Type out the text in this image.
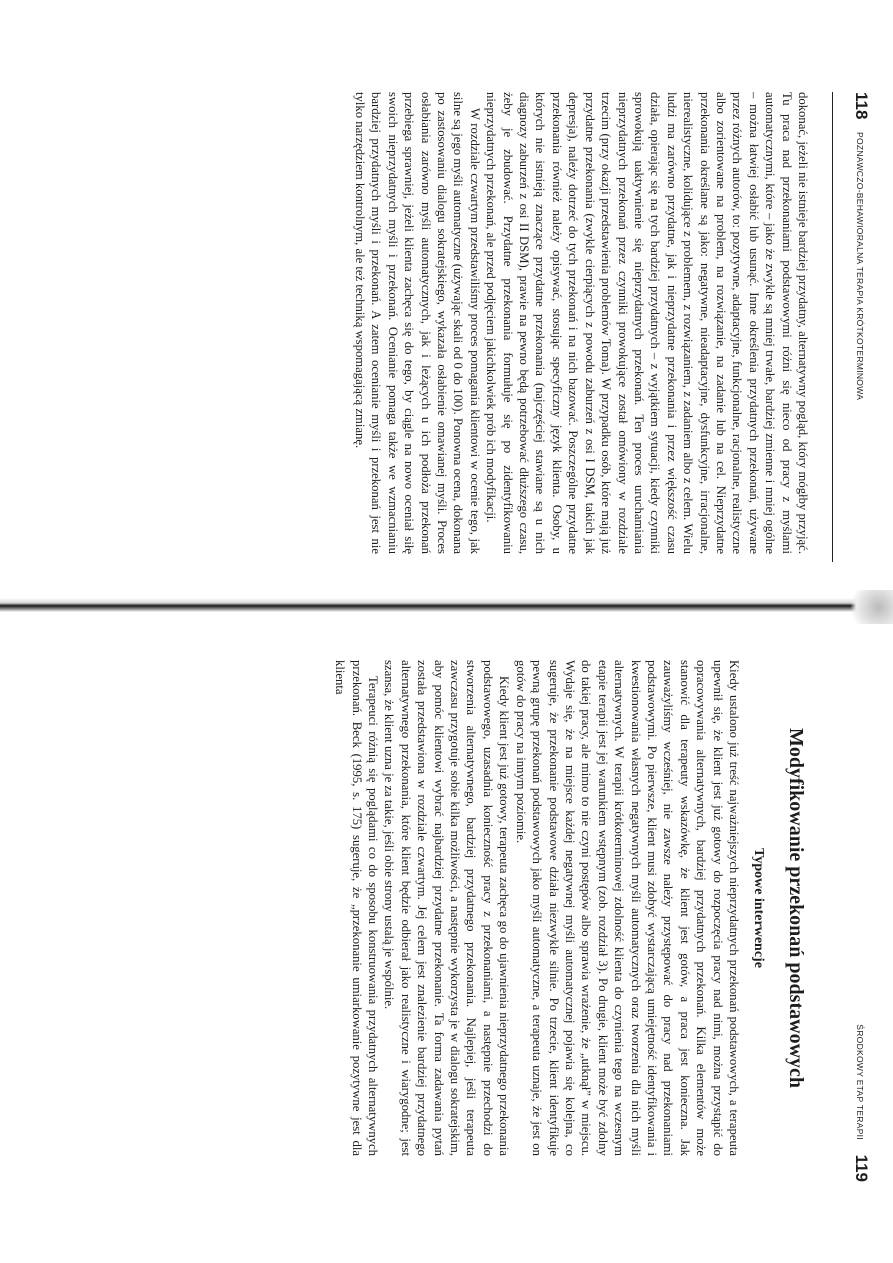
118
POZNAWCZO-BEHAWIORALNA TERAPIA KRÓTKOTERMINOWA

dokonać, jeżeli nie istnieje bardziej przydatny, alternatywny pogląd, który mógłby przyjąć. Tu praca nad przekonaniami podstawowymi różni się nieco od pracy z myślami automatycznymi, które – jako że zwykle są mniej trwałe, bardziej zmienne i mniej ogólne – można łatwiej osłabić lub usunąć. Inne określenia przydatnych przekonań, używane przez różnych autorów, to: pozytywne, adaptacyjne, funkcjonalne, racjonalne, realistyczne albo zorientowane na problem, na rozwiązanie, na zadanie lub na cel. Nieprzydatne przekonania określane są jako: negatywne, nieadaptacyjne, dysfunkcyjne, irracjonalne, nierealistyczne, kolidujące z problemem, z rozwiązaniem, z zadaniem albo z celem. Wielu ludzi ma zarówno przydatne, jak i nieprzydatne przekonania i przez większość czasu działa, opierając się na tych bardziej przydatnych – z wyjątkiem sytuacji, kiedy czynniki sprowokują uaktywnienie się nieprzydatnych przekonań. Ten proces uruchamiania nieprzydatnych przekonań przez czynniki prowokujące został omówiony w rozdziale trzecim (przy okazji przedstawienia problemów Toma). W przypadku osób, które mają już przydatne przekonania (zwykle cierpiących z powodu zaburzeń z osi I DSM, takich jak depresja), należy dotrzeć do tych przekonań i na nich bazować. Poszczególne przydatne przekonania również należy opisywać, stosując specyficzny język klienta. Osoby, u których nie istnieją znaczące przydatne przekonania (najczęściej stawiane są u nich diagnozy zaburzeń z osi II DSM), prawie na pewno będą potrzebować dłuższego czasu, żeby je zbudować. Przydatne przekonania formułuje się po zidentyfikowaniu nieprzydatnych przekonań, ale przed podjęciem jakichkolwiek prób ich modyfikacji.

W rozdziale czwartym przedstawiliśmy proces pomagania klientowi w ocenie tego, jak silne są jego myśli automatyczne (używając skali od 0 do 100). Ponowna ocena, dokonana po zastosowaniu dialogu sokratejskiego, wykazała osłabienie omawianej myśli. Proces osłabiania zarówno myśli automatycznych, jak i leżących u ich podłoża przekonań przebiega sprawniej, jeżeli klienta zachęca się do tego, by ciągle na nowo oceniał siłę swoich nieprzydatnych myśli i przekonań. Ocenianie pomaga także we wzmacnianiu bardziej przydatnych myśli i przekonań. A zatem ocenianie myśli i przekonań jest nie tylko narzędziem kontrolnym, ale też techniką wspomagającą zmianę.

ŚRODKOWY ETAP TERAPII
119
Modyfikowanie przekonań podstawowych
Typowe interwencje

Kiedy ustalono już treść najważniejszych nieprzydatnych przekonań podstawowych, a terapeuta upewnił się, że klient jest już gotowy do rozpoczęcia pracy nad nimi, można przystąpić do opracowywania alternatywnych, bardziej przydatnych przekonań. Kilka elementów może stanowić dla terapeuty wskazówkę, że klient jest gotów, a praca jest konieczna. Jak zauważyliśmy wcześniej, nie zawsze należy przystępować do pracy nad przekonaniami podstawowymi. Po pierwsze, klient musi zdobyć wystarczającą umiejętność identyfikowania i kwestionowania własnych negatywnych myśli automatycznych oraz tworzenia dla nich myśli alternatywnych. W terapii krótkoterminowej zdolność klienta do czynienia tego na wczesnym etapie terapii jest jej warunkiem wstępnym (zob. rozdział 3). Po drugie, klient może być zdolny do takiej pracy, ale mimo to nie czyni postępów albo sprawia wrażenie, że „utknął” w miejscu. Wydaje się, że na miejsce każdej negatywnej myśli automatycznej pojawia się kolejna, co sugeruje, że przekonanie podstawowe działa niezwykle silnie. Po trzecie, klient identyfikuje pewną grupę przekonań podstawowych jako myśli automatyczne, a terapeuta uznaje, że jest on gotów do pracy na innym poziomie.

Kiedy klient jest już gotowy, terapeuta zachęca go do ujawnienia nieprzydatnego przekonania podstawowego, uzasadnia konieczność pracy z przekonaniami, a następnie przechodzi do stworzenia alternatywnego, bardziej przydatnego przekonania. Najlepiej, jeśli terapeuta zawczasu przygotuje sobie kilka możliwości, a następnie wykorzysta je w dialogu sokratejskim, aby pomóc klientowi wybrać najbardziej przydatne przekonanie. Ta forma zadawania pytań została przedstawiona w rozdziale czwartym. Jej celem jest znalezienie bardziej przydatnego alternatywnego przekonania, które klient będzie odbierał jako realistyczne i wiarygodne; jest szansa, że klient uzna je za takie, jeśli obie strony ustalą je wspólnie.

Terapeuci różnią się poglądami co do sposobu konstruowania przydatnych alternatywnych przekonań. Beck (1995, s. 175) sugeruje, że „przekonanie umiarkowanie pozytywne jest dla klienta
